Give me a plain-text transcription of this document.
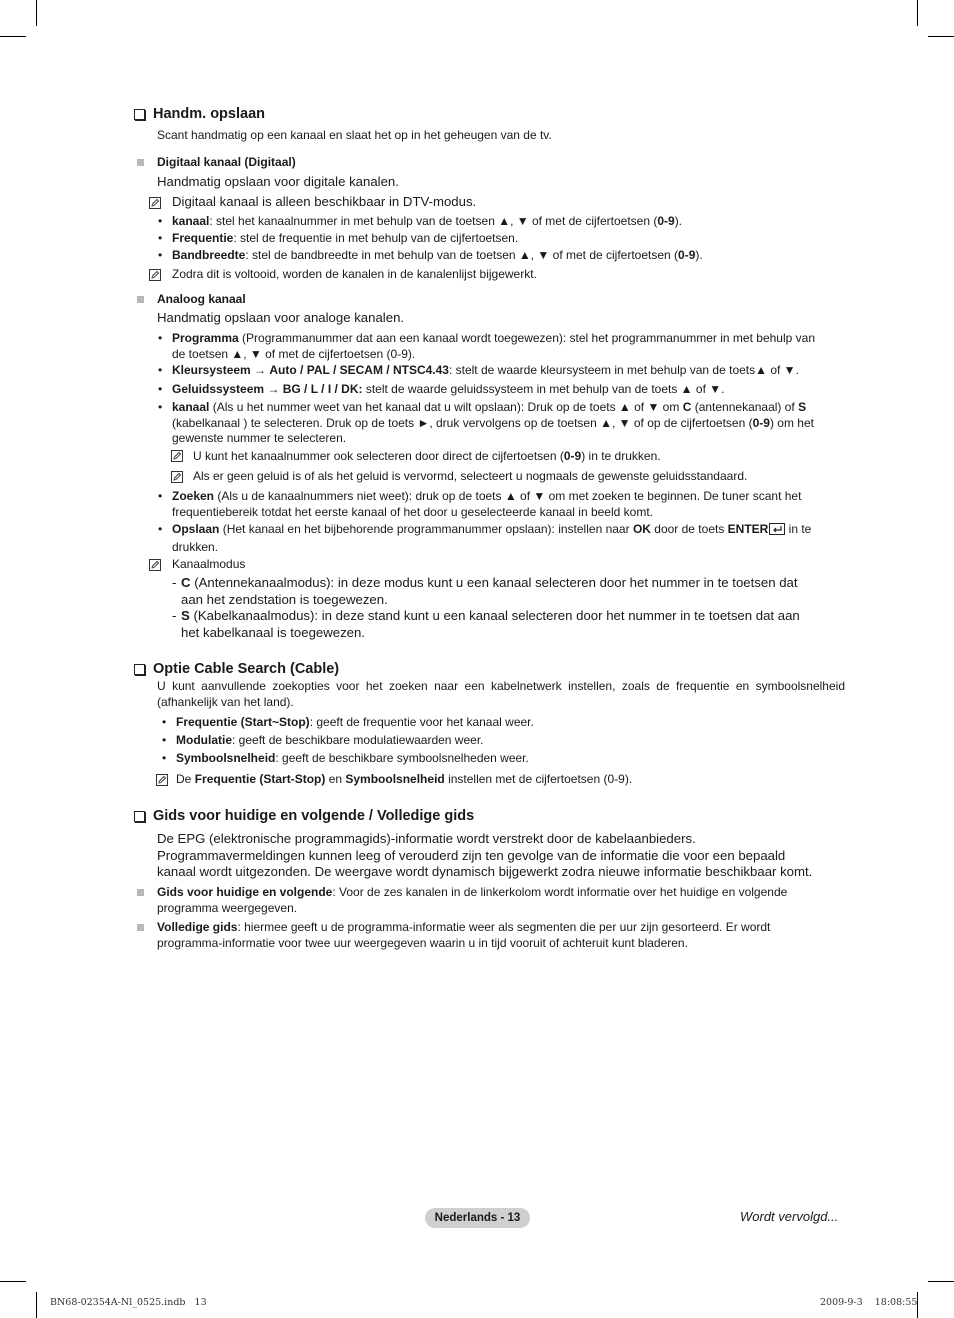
Handm. opslaan
Scant handmatig op een kanaal en slaat het op in het geheugen van de tv.
Digitaal kanaal (Digitaal)
Handmatig opslaan voor digitale kanalen.
Digitaal kanaal is alleen beschikbaar in DTV-modus.
• kanaal: stel het kanaalnummer in met behulp van de toetsen ▲, ▼ of met de cijfertoetsen (0-9).
• Frequentie: stel de frequentie in met behulp van de cijfertoetsen.
• Bandbreedte: stel de bandbreedte in met behulp van de toetsen ▲, ▼ of met de cijfertoetsen (0-9).
Zodra dit is voltooid, worden de kanalen in de kanalenlijst bijgewerkt.
Analoog kanaal
Handmatig opslaan voor analoge kanalen.
• Programma (Programmanummer dat aan een kanaal wordt toegewezen): stel het programmanummer in met behulp van
de toetsen ▲, ▼ of met de cijfertoetsen (0-9).
• Kleursysteem → Auto / PAL / SECAM / NTSC4.43: stelt de waarde kleursysteem in met behulp van de toets▲ of ▼.
• Geluidssysteem → BG / L / I / DK: stelt de waarde geluidssysteem in met behulp van de toets ▲ of ▼.
• kanaal (Als u het nummer weet van het kanaal dat u wilt opslaan): Druk op de toets ▲ of ▼ om C (antennekanaal) of S
(kabelkanaal ) te selecteren. Druk op de toets ►, druk vervolgens op de toetsen ▲, ▼ of op de cijfertoetsen (0-9) om het
gewenste nummer te selecteren.
U kunt het kanaalnummer ook selecteren door direct de cijfertoetsen (0-9) in te drukken.
Als er geen geluid is of als het geluid is vervormd, selecteert u nogmaals de gewenste geluidsstandaard.
• Zoeken (Als u de kanaalnummers niet weet): druk op de toets ▲ of ▼ om met zoeken te beginnen. De tuner scant het
frequentiebereik totdat het eerste kanaal of het door u geselecteerde kanaal in beeld komt.
• Opslaan (Het kanaal en het bijbehorende programmanummer opslaan): instellen naar OK door de toets ENTER in te
drukken.
Kanaalmodus
- C (Antennekanaalmodus): in deze modus kunt u een kanaal selecteren door het nummer in te toetsen dat
aan het zendstation is toegewezen.
- S (Kabelkanaalmodus): in deze stand kunt u een kanaal selecteren door het nummer in te toetsen dat aan
het kabelkanaal is toegewezen.
Optie Cable Search (Cable)
U kunt aanvullende zoekopties voor het zoeken naar een kabelnetwerk instellen, zoals de frequentie en symboolsnelheid
(afhankelijk van het land).
• Frequentie (Start~Stop): geeft de frequentie voor het kanaal weer.
• Modulatie: geeft de beschikbare modulatiewaarden weer.
• Symboolsnelheid: geeft de beschikbare symboolsnelheden weer.
De Frequentie (Start-Stop) en Symboolsnelheid instellen met de cijfertoetsen (0-9).
Gids voor huidige en volgende / Volledige gids
De EPG (elektronische programmagids)-informatie wordt verstrekt door de kabelaanbieders.
Programmavermeldingen kunnen leeg of verouderd zijn ten gevolge van de informatie die voor een bepaald
kanaal wordt uitgezonden. De weergave wordt dynamisch bijgewerkt zodra nieuwe informatie beschikbaar komt.
Gids voor huidige en volgende: Voor de zes kanalen in de linkerkolom wordt informatie over het huidige en volgende
programma weergegeven.
Volledige gids: hiermee geeft u de programma-informatie weer als segmenten die per uur zijn gesorteerd. Er wordt
programma-informatie voor twee uur weergegeven waarin u in tijd vooruit of achteruit kunt bladeren.
Nederlands - 13	Wordt vervolgd...
BN68-02354A-Nl_0525.indb   13	2009-9-3    18:08:55
